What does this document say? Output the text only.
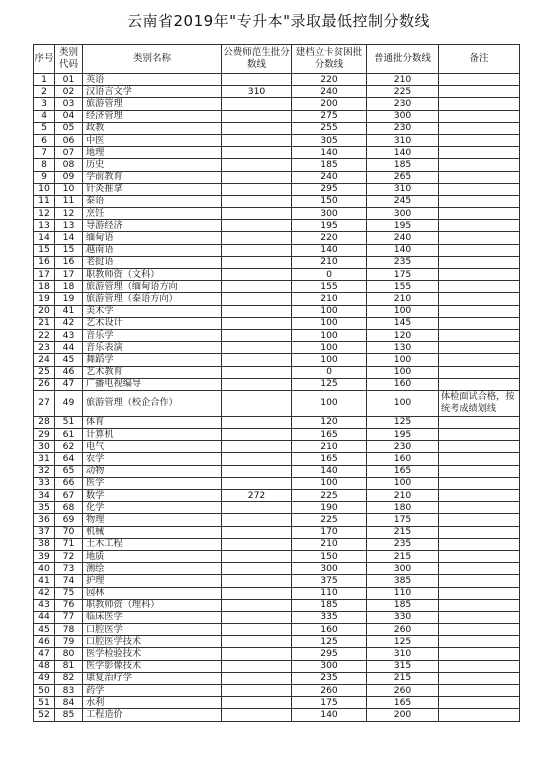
云南省2019年"专升本"录取最低控制分数线
序号	类别代码	类别名称	公费师范生批分数线	建档立卡贫困批分数线	普通批分数线	备注
1	01	英语		220	210	
2	02	汉语言文学	310	240	225	
3	03	旅游管理		200	230	
4	04	经济管理		275	300	
5	05	政教		255	230	
6	06	中医		305	310	
7	07	地理		140	140	
8	08	历史		185	185	
9	09	学前教育		240	265	
10	10	针灸推拿		295	310	
11	11	泰语		150	245	
12	12	烹饪		300	300	
13	13	导游经济		195	195	
14	14	缅甸语		220	240	
15	15	越南语		140	140	
16	16	老挝语		210	235	
17	17	职教师资（文科）		0	175	
18	18	旅游管理（缅甸语方向		155	155	
19	19	旅游管理（泰语方向）		210	210	
20	41	美术学		100	100	
21	42	艺术设计		100	145	
22	43	音乐学		100	120	
23	44	音乐表演		100	130	
24	45	舞蹈学		100	100	
25	46	艺术教育		0	100	
26	47	广播电视编导		125	160	
27	49	旅游管理（校企合作）		100	100	体检面试合格，按统考成绩划线
28	51	体育		120	125	
29	61	计算机		165	195	
30	62	电气		210	230	
31	64	农学		165	160	
32	65	动物		140	165	
33	66	医学		100	100	
34	67	数学	272	225	210	
35	68	化学		190	180	
36	69	物理		225	175	
37	70	机械		170	215	
38	71	土木工程		210	235	
39	72	地质		150	215	
40	73	测绘		300	300	
41	74	护理		375	385	
42	75	园林		110	110	
43	76	职教师资（理科）		185	185	
44	77	临床医学		335	330	
45	78	口腔医学		160	260	
46	79	口腔医学技术		125	125	
47	80	医学检验技术		295	310	
48	81	医学影像技术		300	315	
49	82	康复治疗学		235	215	
50	83	药学		260	260	
51	84	水利		175	165	
52	85	工程造价		140	200	
